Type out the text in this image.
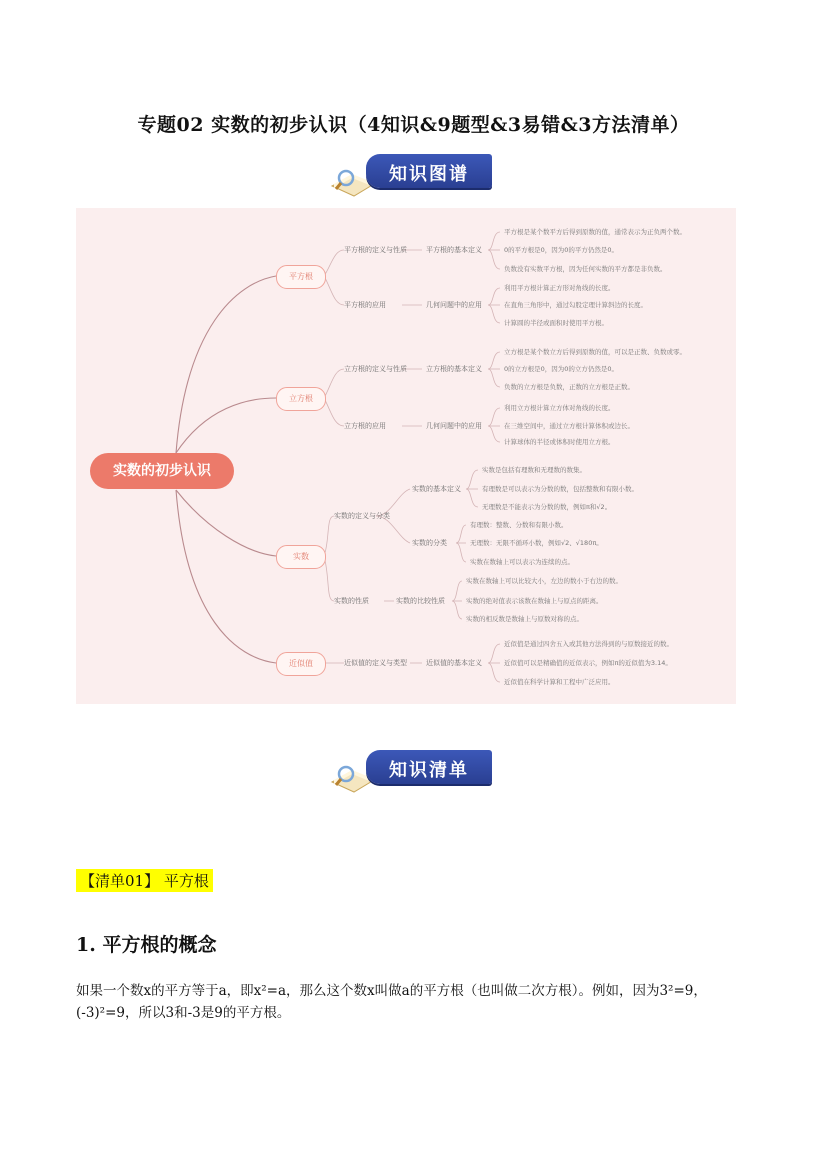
专题02 实数的初步认识（4知识&9题型&3易错&3方法清单）
知识图谱
实数的初步认识
平方根
立方根
实数
近似值
平方根的定义与性质
平方根的应用
立方根的定义与性质
立方根的应用
实数的定义与分类
实数的性质
近似值的定义与类型
平方根的基本定义
几何问题中的应用
立方根的基本定义
几何问题中的应用
实数的基本定义
实数的分类
实数的比较性质
近似值的基本定义
平方根是某个数平方后得到原数的值，通常表示为正负两个数。
0的平方根是0，因为0的平方仍然是0。
负数没有实数平方根，因为任何实数的平方都是非负数。
利用平方根计算正方形对角线的长度。
在直角三角形中，通过勾股定理计算斜边的长度。
计算圆的半径或面积时使用平方根。
立方根是某个数立方后得到原数的值，可以是正数、负数或零。
0的立方根是0，因为0的立方仍然是0。
负数的立方根是负数，正数的立方根是正数。
利用立方根计算立方体对角线的长度。
在三维空间中，通过立方根计算体积或边长。
计算球体的半径或体积时使用立方根。
实数是包括有理数和无理数的数集。
有理数是可以表示为分数的数，包括整数和有限小数。
无理数是不能表示为分数的数，例如π和√2。
有理数：整数、分数和有限小数。
无理数：无限不循环小数，例如√2、√180π。
实数在数轴上可以表示为连续的点。
实数在数轴上可以比较大小，左边的数小于右边的数。
实数的绝对值表示该数在数轴上与原点的距离。
实数的相反数是数轴上与原数对称的点。
近似值是通过四舍五入或其他方法得到的与原数接近的数。
近似值可以是精确值的近似表示，例如π的近似值为3.14。
近似值在科学计算和工程中广泛应用。
知识清单
【清单01】 平方根
1. 平方根的概念
如果一个数x的平方等于a，即x²=a，那么这个数x叫做a的平方根（也叫做二次方根）。例如，因为3²=9，(-3)²=9，所以3和-3是9的平方根。
